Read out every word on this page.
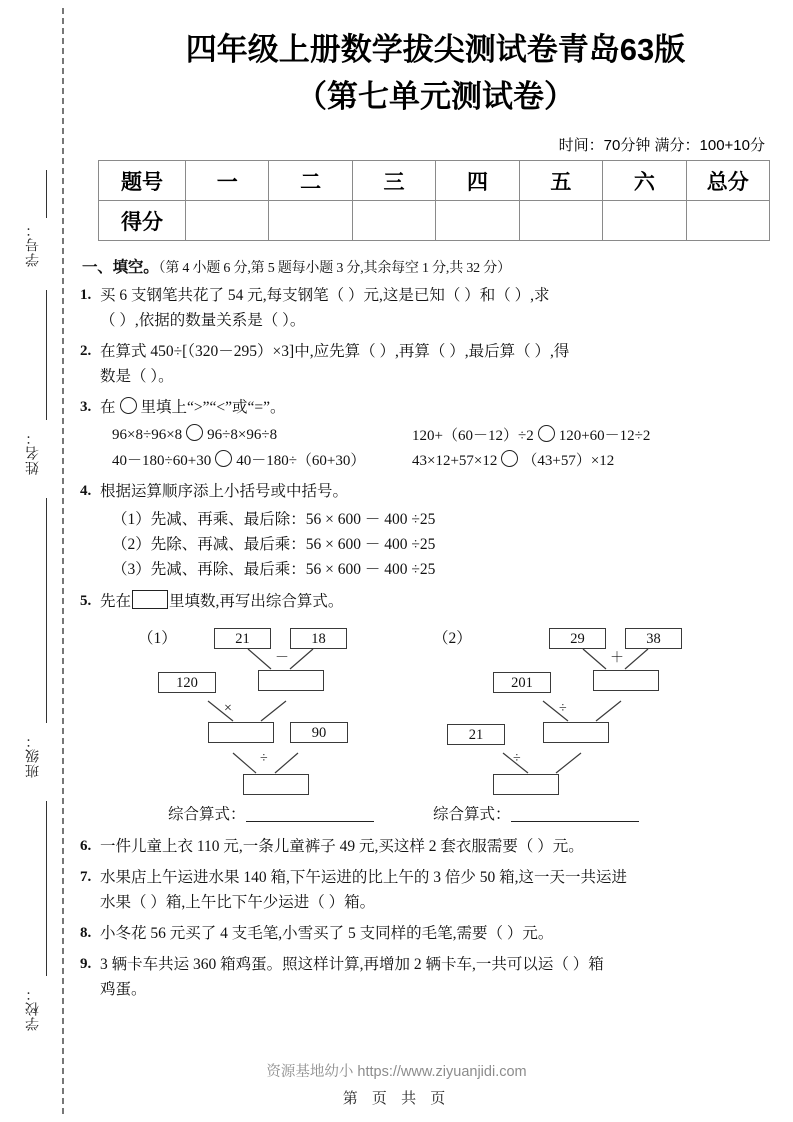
学号：
姓名：
班级：
学校：
四年级上册数学拔尖测试卷青岛63版
（第七单元测试卷）
时间：70分钟 满分：100+10分
题号	一	二	三	四	五	六	总分
得分							
一、填空。（第 4 小题 6 分,第 5 题每小题 3 分,其余每空 1 分,共 32 分）
1. 买 6 支钢笔共花了 54 元,每支钢笔（ ）元,这是已知（ ）和（ ）,求
（ ）,依据的数量关系是（ ）。
2. 在算式 450÷[（320－295）×3]中,应先算（ ）,再算（ ）,最后算（ ）,得
数是（ ）。
3. 在 里填上“>”“<”或“=”。
96×8÷96×8 96÷8×96÷8	120+（60－12）÷2 120+60－12÷2
40－180÷60+30 40－180÷（60+30）	43×12+57×12 （43+57）×12
4. 根据运算顺序添上小括号或中括号。
（1）先减、再乘、最后除：56 × 600 － 400 ÷25
（2）先除、再减、最后乘：56 × 600 － 400 ÷25
（3）先减、再除、最后乘：56 × 600 － 400 ÷25
5. 先在 里填数,再写出综合算式。
（1）	21	18
－
120
×
90
÷
（2）	29	38
＋
201
÷
21
÷
综合算式：	综合算式：
6. 一件儿童上衣 110 元,一条儿童裤子 49 元,买这样 2 套衣服需要（ ）元。
7. 水果店上午运进水果 140 箱,下午运进的比上午的 3 倍少 50 箱,这一天一共运进
水果（ ）箱,上午比下午少运进（ ）箱。
8. 小冬花 56 元买了 4 支毛笔,小雪买了 5 支同样的毛笔,需要（ ）元。
9. 3 辆卡车共运 360 箱鸡蛋。照这样计算,再增加 2 辆卡车,一共可以运（ ）箱
鸡蛋。
资源基地幼小 https://www.ziyuanjidi.com
第 页 共 页
